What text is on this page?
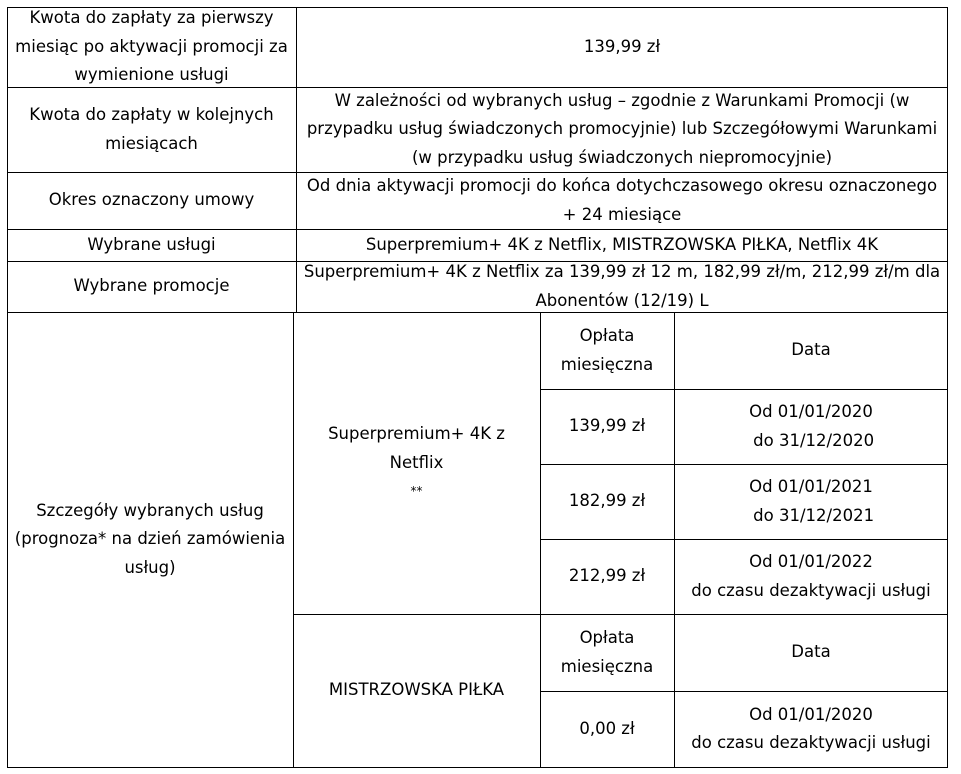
Kwota do zapłaty za pierwszy
miesiąc po aktywacji promocji za
wymienione usługi
139,99 zł
Kwota do zapłaty w kolejnych
miesiącach
W zależności od wybranych usług – zgodnie z Warunkami Promocji (w
przypadku usług świadczonych promocyjnie) lub Szczegółowymi Warunkami
(w przypadku usług świadczonych niepromocyjnie)
Okres oznaczony umowy
Od dnia aktywacji promocji do końca dotychczasowego okresu oznaczonego
+ 24 miesiące
Wybrane usługi	Superpremium+ 4K z Netflix, MISTRZOWSKA PIŁKA, Netflix 4K
Wybrane promocje
Superpremium+ 4K z Netflix za 139,99 zł 12 m, 182,99 zł/m, 212,99 zł/m dla
Abonentów (12/19) L
Szczegóły wybranych usług
(prognoza* na dzień zamówienia
usług)
Superpremium+ 4K z
Netflix
**
Opłata
miesięczna
Data
139,99 zł
Od 01/01/2020
do 31/12/2020
182,99 zł
Od 01/01/2021
do 31/12/2021
212,99 zł
Od 01/01/2022
do czasu dezaktywacji usługi
MISTRZOWSKA PIŁKA
Opłata
miesięczna
Data
0,00 zł
Od 01/01/2020
do czasu dezaktywacji usługi
